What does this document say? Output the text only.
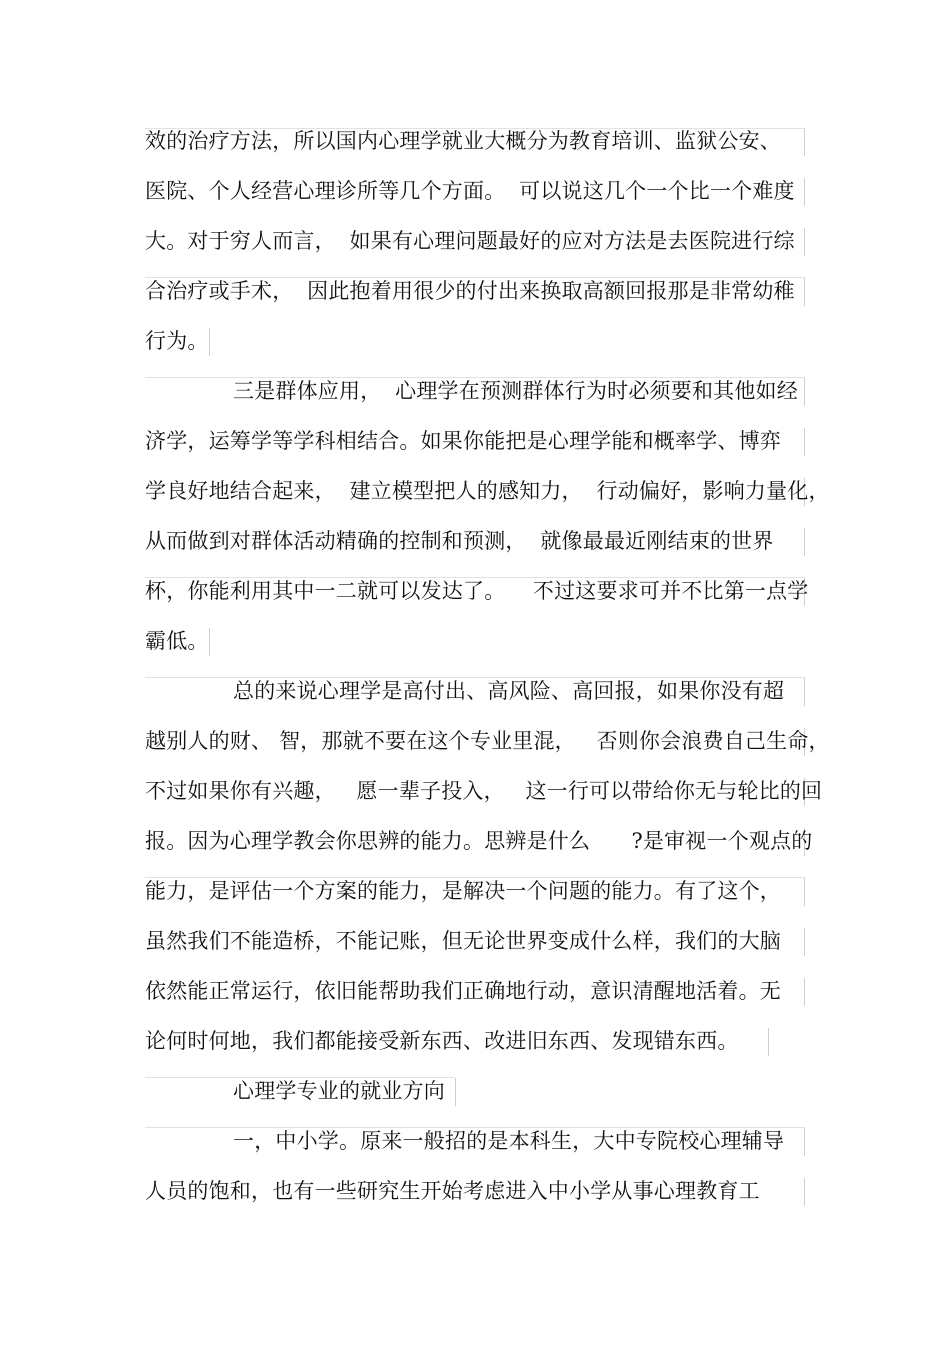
效的治疗方法，所以国内心理学就业大概分为教育培训、监狱公安、
医院、个人经营心理诊所等几个方面。  可以说这几个一个比一个难度
大。对于穷人而言，  如果有心理问题最好的应对方法是去医院进行综
合治疗或手术，  因此抱着用很少的付出来换取高额回报那是非常幼稚
行为。
三是群体应用，  心理学在预测群体行为时必须要和其他如经
济学，运筹学等学科相结合。如果你能把是心理学能和概率学、博弈
学良好地结合起来，  建立模型把人的感知力，  行动偏好，影响力量化，
从而做到对群体活动精确的控制和预测，  就像最最近刚结束的世界
杯，你能利用其中一二就可以发达了。    不过这要求可并不比第一点学
霸低。
总的来说心理学是高付出、高风险、高回报，如果你没有超
越别人的财、 智，那就不要在这个专业里混，   否则你会浪费自己生命，
不过如果你有兴趣，   愿一辈子投入，   这一行可以带给你无与轮比的回
报。因为心理学教会你思辨的能力。思辨是什么      ?是审视一个观点的
能力，是评估一个方案的能力，是解决一个问题的能力。有了这个，
虽然我们不能造桥，不能记账，但无论世界变成什么样，我们的大脑
依然能正常运行，依旧能帮助我们正确地行动，意识清醒地活着。无
论何时何地，我们都能接受新东西、改进旧东西、发现错东西。
心理学专业的就业方向
一，中小学。原来一般招的是本科生，大中专院校心理辅导
人员的饱和，也有一些研究生开始考虑进入中小学从事心理教育工
